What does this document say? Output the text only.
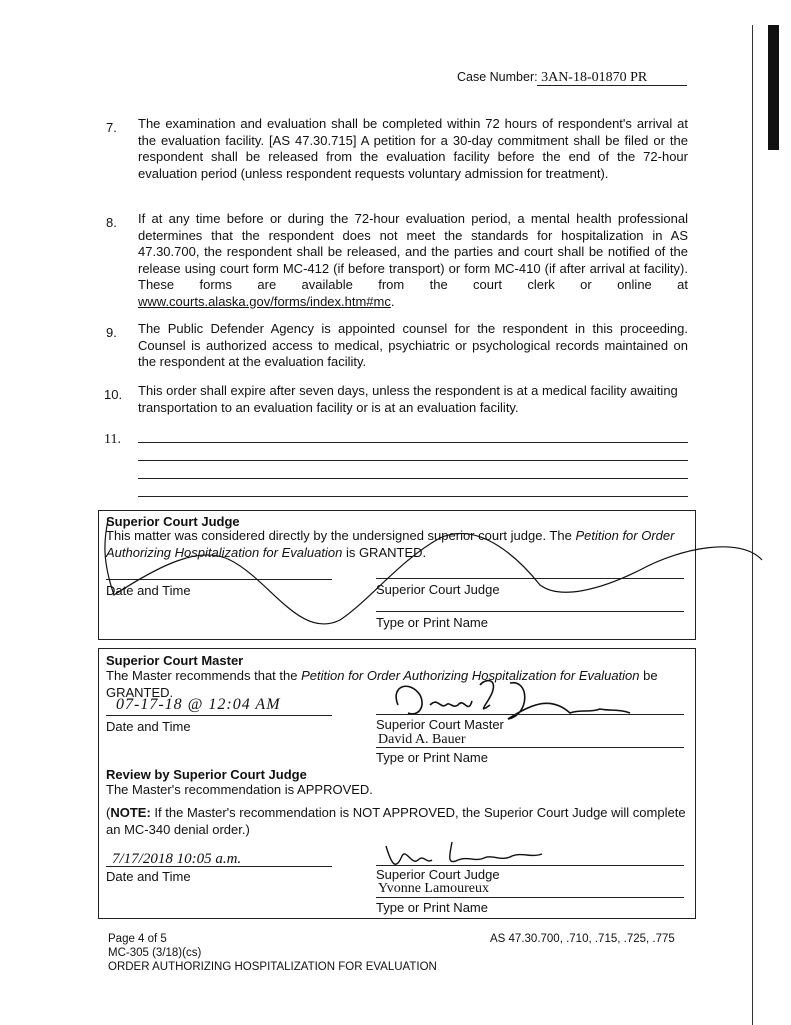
Case Number: 3AN-18-01870 PR
7. The examination and evaluation shall be completed within 72 hours of respondent's arrival at the evaluation facility. [AS 47.30.715] A petition for a 30-day commitment shall be filed or the respondent shall be released from the evaluation facility before the end of the 72-hour evaluation period (unless respondent requests voluntary admission for treatment).
8. If at any time before or during the 72-hour evaluation period, a mental health professional determines that the respondent does not meet the standards for hospitalization in AS 47.30.700, the respondent shall be released, and the parties and court shall be notified of the release using court form MC-412 (if before transport) or form MC-410 (if after arrival at facility). These forms are available from the court clerk or online at www.courts.alaska.gov/forms/index.htm#mc.
9. The Public Defender Agency is appointed counsel for the respondent in this proceeding. Counsel is authorized access to medical, psychiatric or psychological records maintained on the respondent at the evaluation facility.
10. This order shall expire after seven days, unless the respondent is at a medical facility awaiting transportation to an evaluation facility or is at an evaluation facility.
11.
Superior Court Judge
This matter was considered directly by the undersigned superior court judge. The Petition for Order Authorizing Hospitalization for Evaluation is GRANTED.
Date and Time	Superior Court Judge
Type or Print Name
Superior Court Master
The Master recommends that the Petition for Order Authorizing Hospitalization for Evaluation be GRANTED.
07-17-18 @ 12:04 AM
Date and Time	Superior Court Master
David A. Bauer
Type or Print Name
Review by Superior Court Judge
The Master's recommendation is APPROVED.
(NOTE: If the Master's recommendation is NOT APPROVED, the Superior Court Judge will complete an MC-340 denial order.)
7/17/2018 10:05 a.m.
Date and Time	Superior Court Judge
Yvonne Lamoureux
Type or Print Name
Page 4 of 5
MC-305 (3/18)(cs)
ORDER AUTHORIZING HOSPITALIZATION FOR EVALUATION
AS 47.30.700, .710, .715, .725, .775
